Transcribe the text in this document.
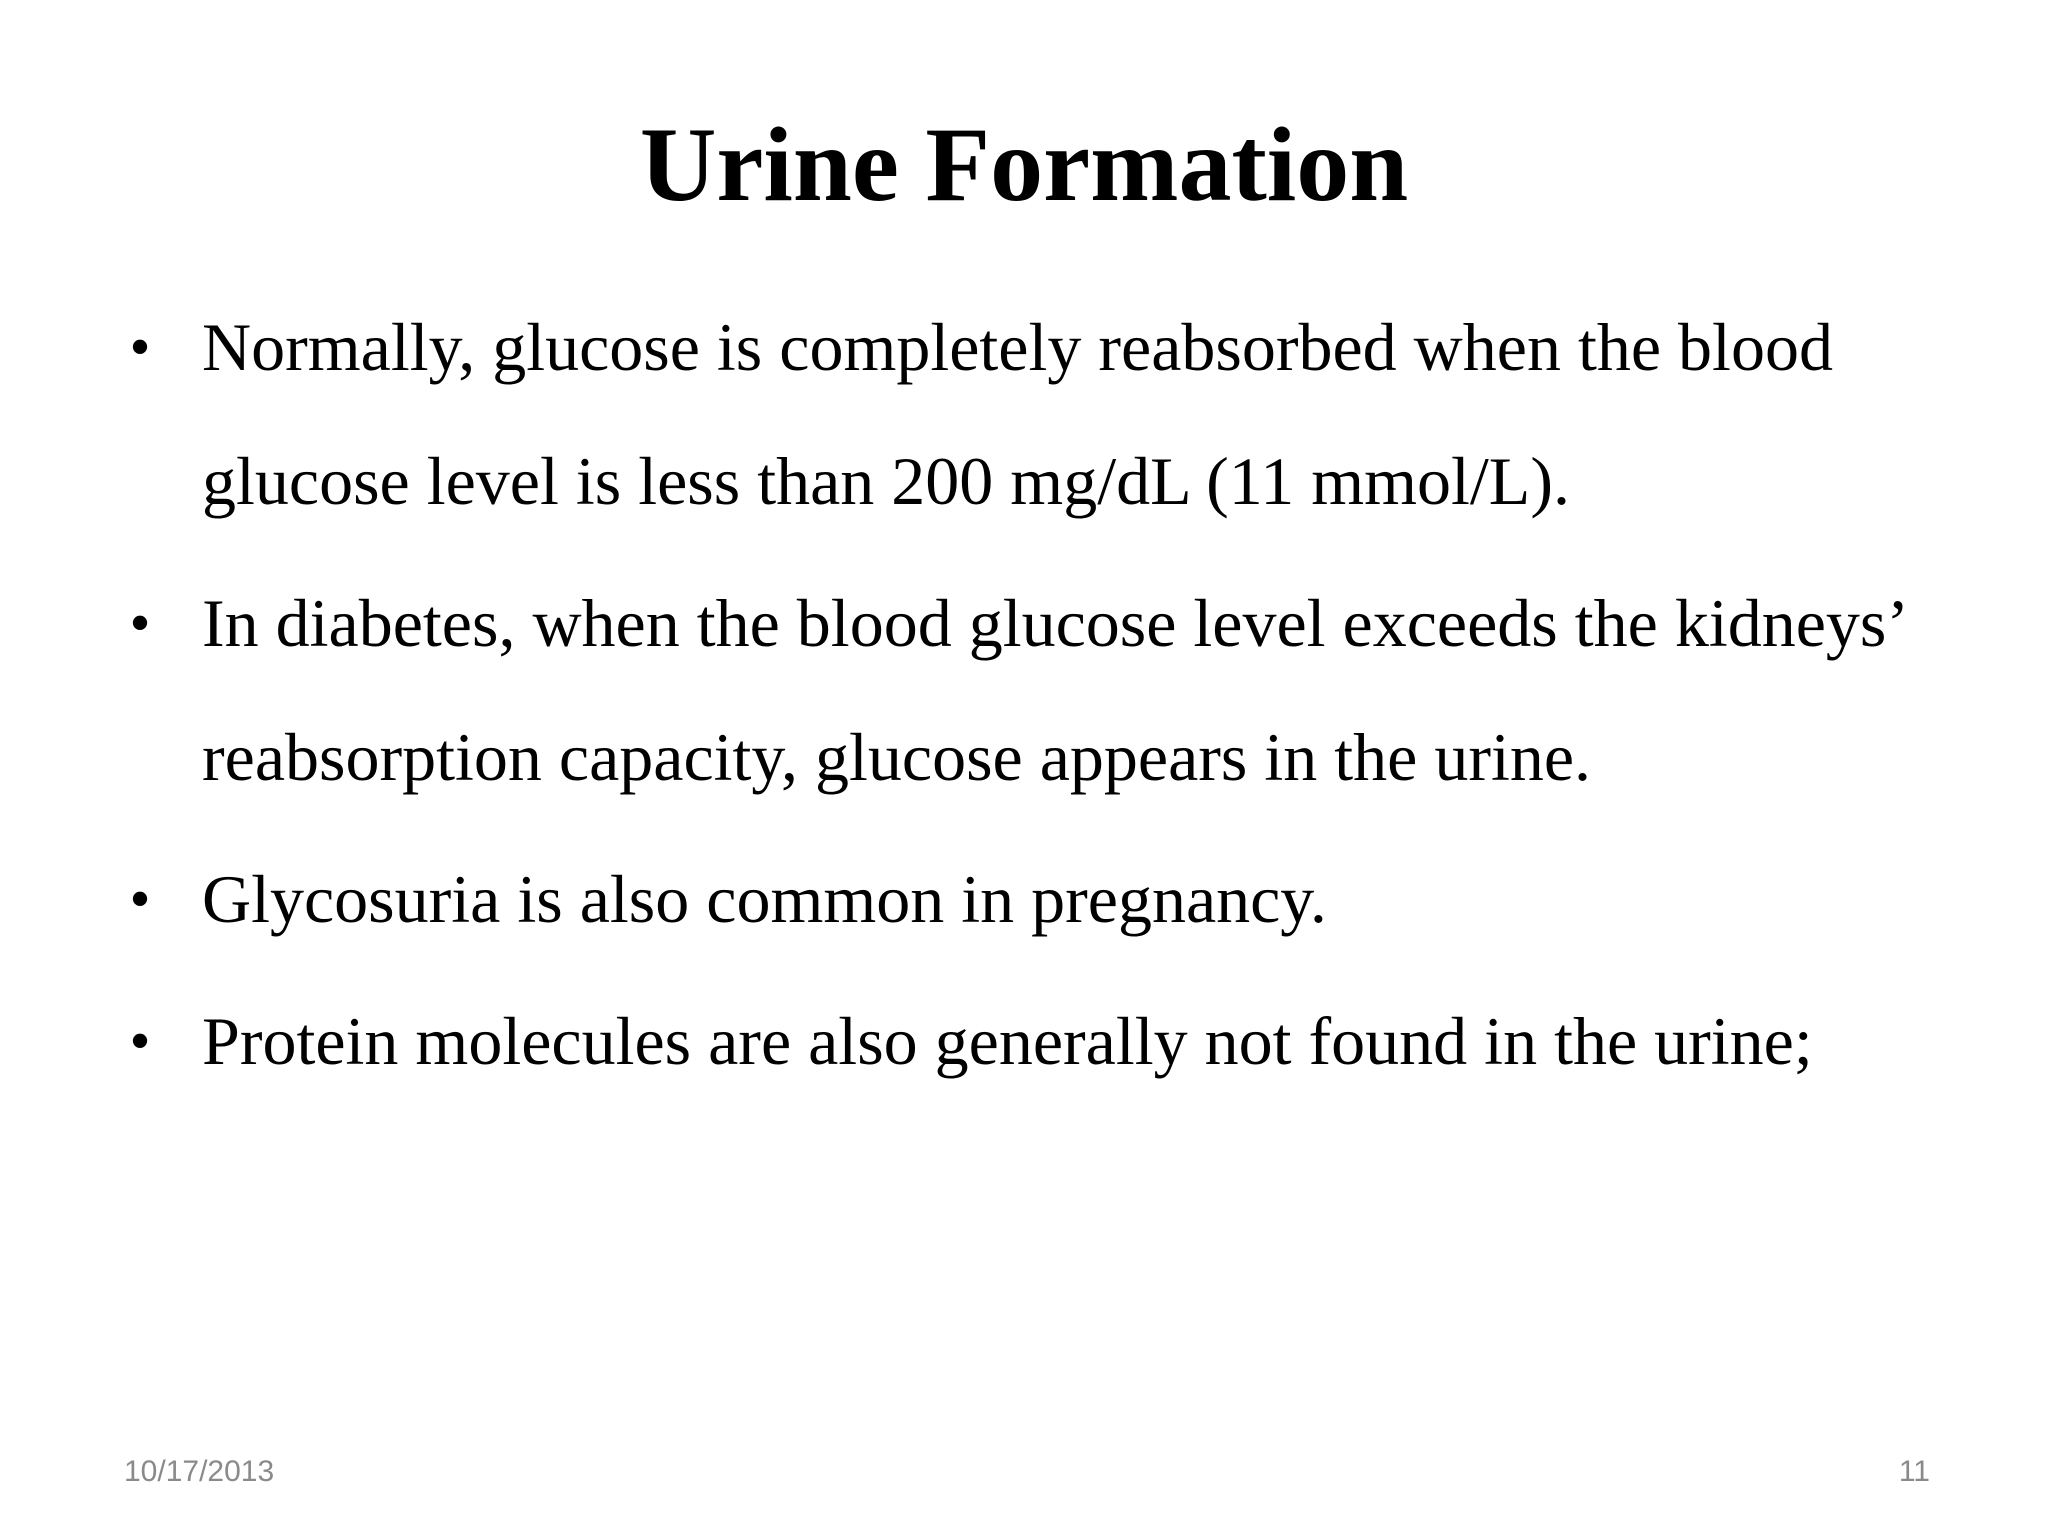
Urine Formation
• Normally, glucose is completely reabsorbed when the blood glucose level is less than 200 mg/dL (11 mmol/L).
• In diabetes, when the blood glucose level exceeds the kidneys’ reabsorption capacity, glucose appears in the urine.
• Glycosuria is also common in pregnancy.
• Protein molecules are also generally not found in the urine;
10/17/2013	11
